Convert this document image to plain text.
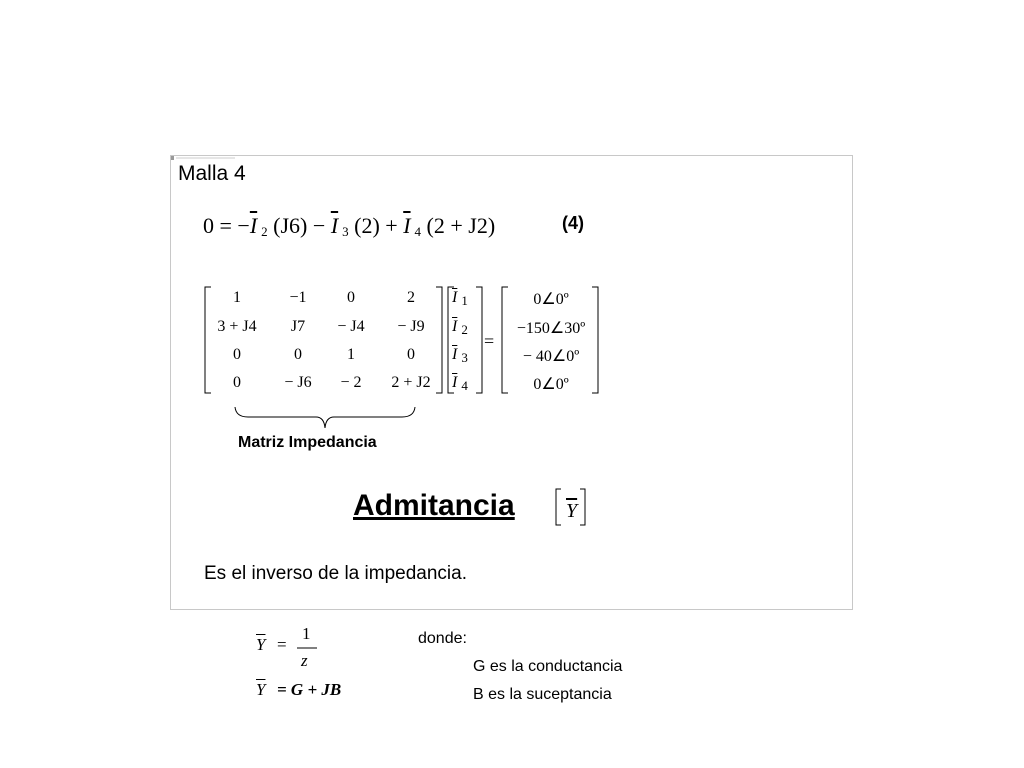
Malla 4
$0 = -\overline{I}$ $_2$ $(J6) - \overline{I}$ $_3$ $(2) + \overline{I}$ $_4$ (2 + J2)	(4)
1	−1	0	2
3 + J4	J7	− J4	− J9
0	0	1	0
0	− J6	− 2	2 + J2
$\overline{I}$ $_1$
$\overline{I}$ $_2$
$\overline{I}$ $_3$
$\overline{I}$ $_4$
=
0∠0º
−150∠30º
− 40∠0º
0∠0º
Matriz Impedancia
Admitancia	$\overline{Y}$
Es el inverso de la impedancia.
$\overline{Y}$ =
1
z
$\overline{Y} = G$ + JB
donde:
G es la conductancia
B es la suceptancia
